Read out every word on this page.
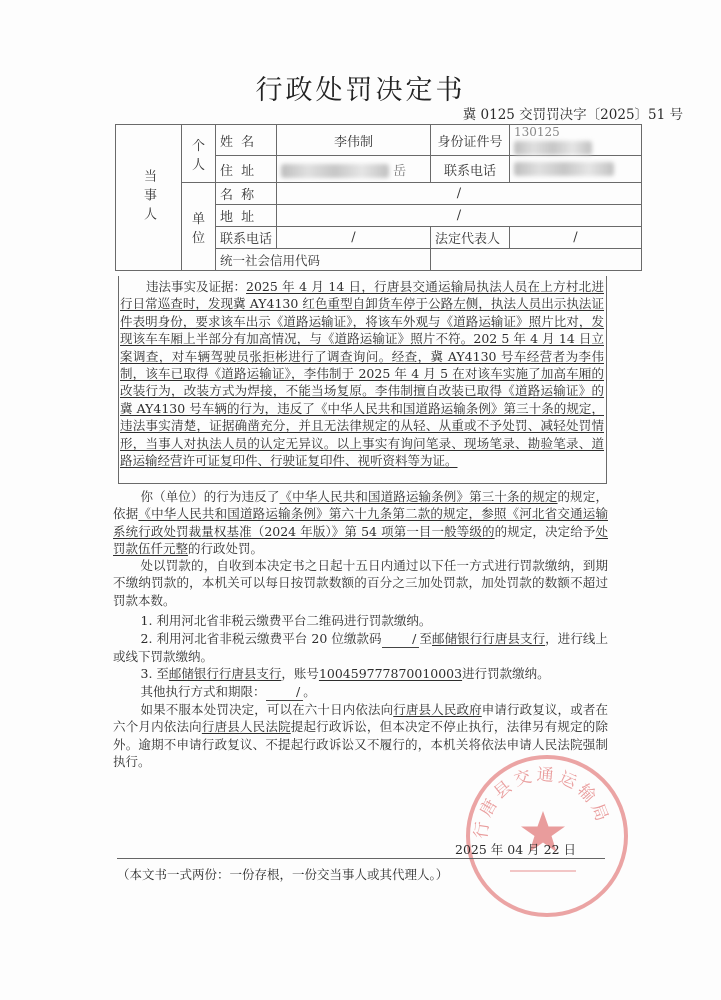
行政处罚决定书
冀 0125 交罚罚决字〔2025〕51 号
当事人	个人	姓 名	李伟制	身份证件号	130125
		住 址	岳	联系电话	
	单位	名 称	/		
		地 址	/		
		联系电话	/	法定代表人	/
		统一社会信用代码			
违法事实及证据：2025 年 4 月 14 日，行唐县交通运输局执法人员在上方村北进行日常巡查时，发现冀 AY4130 红色重型自卸货车停于公路左侧，执法人员出示执法证件表明身份，要求该车出示《道路运输证》，将该车外观与《道路运输证》照片比对，发现该车车厢上半部分有加高情况，与《道路运输证》照片不符。202 5 年 4 月 14 日立案调查，对车辆驾驶员张拒彬进行了调查询问。经查，冀 AY4130 号车经营者为李伟制，该车已取得《道路运输证》，李伟制于 2025 年 4 月 5 在对该车实施了加高车厢的改装行为，改装方式为焊接，不能当场复原。李伟制擅自改装已取得《道路运输证》的冀 AY4130 号车辆的行为，违反了《中华人民共和国道路运输条例》第三十条的规定，违法事实清楚，证据确凿充分，并且无法律规定的从轻、从重或不予处罚、减轻处罚情形，当事人对执法人员的认定无异议。以上事实有询问笔录、现场笔录、勘验笔录、道路运输经营许可证复印件、行驶证复印件、视听资料等为证。
你（单位）的行为违反了《中华人民共和国道路运输条例》第三十条的规定的规定，依据《中华人民共和国道路运输条例》第六十九条第二款的规定，参照《河北省交通运输系统行政处罚裁量权基准（2024 年版）》第 54 项第一目一般等级的的规定，决定给予处罚款伍仟元整的行政处罚。
处以罚款的，自收到本决定书之日起十五日内通过以下任一方式进行罚款缴纳，到期不缴纳罚款的，本机关可以每日按罚款数额的百分之三加处罚款，加处罚款的数额不超过罚款本数。
1. 利用河北省非税云缴费平台二维码进行罚款缴纳。
2. 利用河北省非税云缴费平台 20 位缴款码 / 至邮储银行行唐县支行，进行线上或线下罚款缴纳。
3. 至邮储银行行唐县支行，账号100459777870010003进行罚款缴纳。
其他执行方式和期限： / 。
如果不服本处罚决定，可以在六十日内依法向行唐县人民政府申请行政复议，或者在六个月内依法向行唐县人民法院提起行政诉讼，但本决定不停止执行，法律另有规定的除外。逾期不申请行政复议、不提起行政诉讼又不履行的，本机关将依法申请人民法院强制执行。
行唐县交通运输局
2025 年 04 月 22 日
（本文书一式两份：一份存根，一份交当事人或其代理人。）
